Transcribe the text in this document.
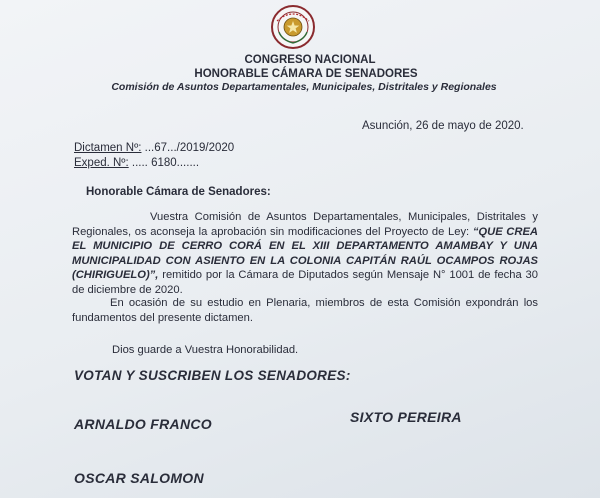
CONGRESO NACIONAL
HONORABLE CÁMARA DE SENADORES
Comisión de Asuntos Departamentales, Municipales, Distritales y Regionales
Asunción, 26 de mayo de 2020.
Dictamen Nº: ...67.../2019/2020
Exped. Nº: ..... 6180.......
Honorable Cámara de Senadores:
Vuestra Comisión de Asuntos Departamentales, Municipales, Distritales y Regionales, os aconseja la aprobación sin modificaciones del Proyecto de Ley: “QUE CREA EL MUNICIPIO DE CERRO CORÁ EN EL XIII DEPARTAMENTO AMAMBAY Y UNA MUNICIPALIDAD CON ASIENTO EN LA COLONIA CAPITÁN RAÚL OCAMPOS ROJAS (CHIRIGUELO)”, remitido por la Cámara de Diputados según Mensaje N° 1001 de fecha 30 de diciembre de 2020.
En ocasión de su estudio en Plenaria, miembros de esta Comisión expondrán los fundamentos del presente dictamen.
Dios guarde a Vuestra Honorabilidad.
VOTAN Y SUSCRIBEN LOS SENADORES:
ARNALDO FRANCO	SIXTO PEREIRA
OSCAR SALOMON
